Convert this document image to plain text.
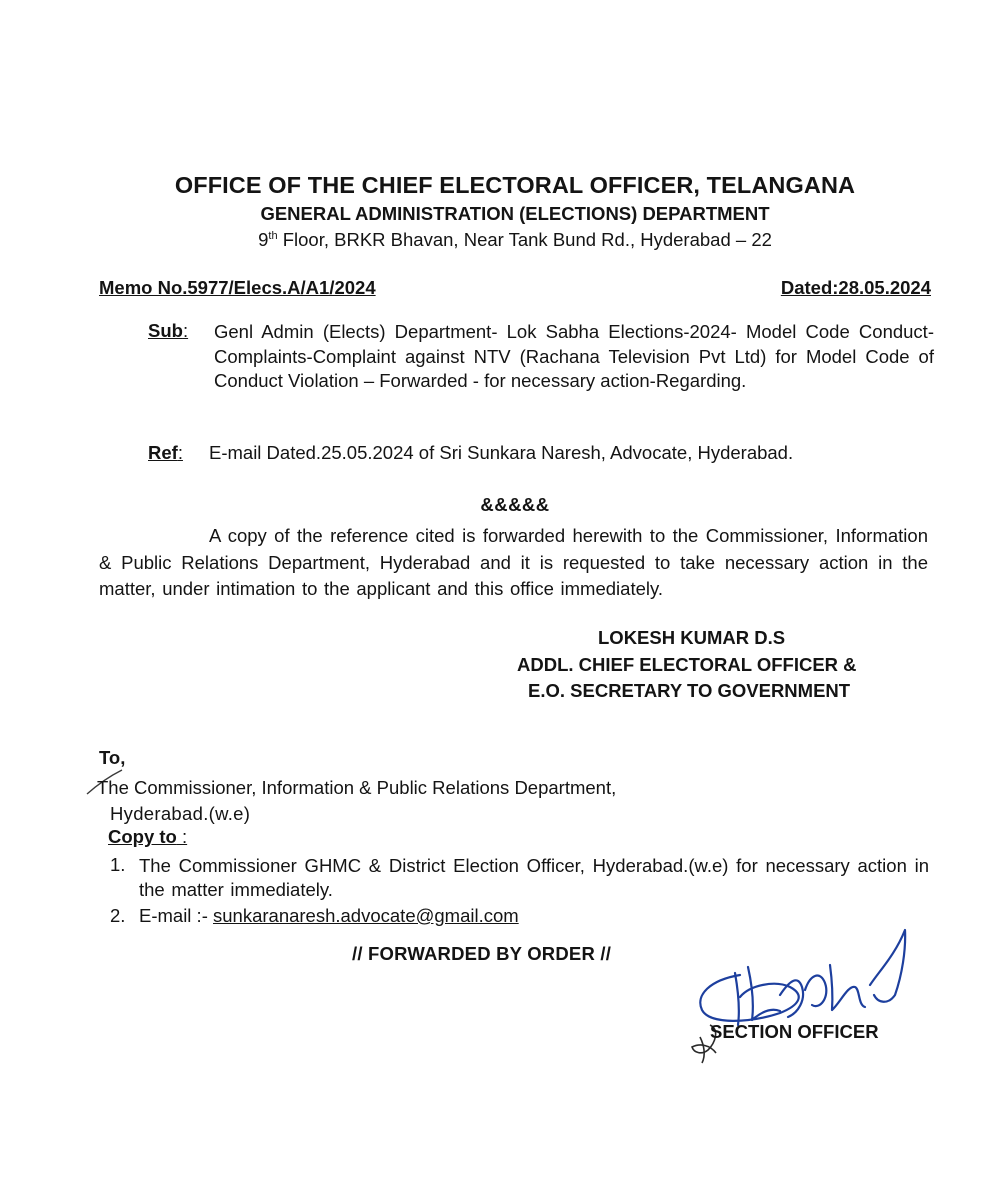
OFFICE OF THE CHIEF ELECTORAL OFFICER, TELANGANA
GENERAL ADMINISTRATION (ELECTIONS) DEPARTMENT
9th Floor, BRKR Bhavan, Near Tank Bund Rd., Hyderabad – 22
Memo No.5977/Elecs.A/A1/2024	Dated:28.05.2024
Sub: Genl Admin (Elects) Department- Lok Sabha Elections-2024- Model Code Conduct- Complaints-Complaint against NTV (Rachana Television Pvt Ltd) for Model Code of Conduct Violation – Forwarded - for necessary action-Regarding.
Ref: E-mail Dated.25.05.2024 of Sri Sunkara Naresh, Advocate, Hyderabad.
&&&&&
A copy of the reference cited is forwarded herewith to the Commissioner, Information & Public Relations Department, Hyderabad and it is requested to take necessary action in the matter, under intimation to the applicant and this office immediately.
LOKESH KUMAR D.S
ADDL. CHIEF ELECTORAL OFFICER &
E.O. SECRETARY TO GOVERNMENT
To,
The Commissioner, Information & Public Relations Department,
Hyderabad.(w.e)
Copy to :
1. The Commissioner GHMC & District Election Officer, Hyderabad.(w.e) for necessary action in the matter immediately.
2. E-mail :- sunkaranaresh.advocate@gmail.com
// FORWARDED BY ORDER //
SECTION OFFICER
